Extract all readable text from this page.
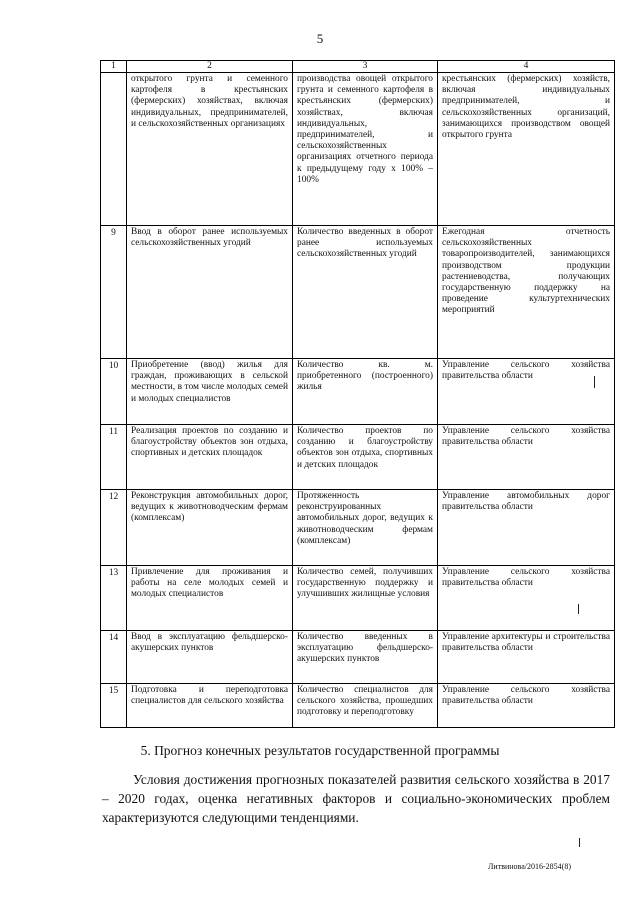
5
1	2	3	4
	открытого грунта и семенного картофеля в крестьянских (фермерских) хозяйствах, включая индивидуальных, предпринимателей, и сельскохозяйственных организациях	производства овощей открытого грунта и семенного картофеля в крестьянских (фермерских) хозяйствах, включая индивидуальных, предпринимателей, и сельскохозяйственных организациях отчетного периода к предыдущему году х 100% – 100%	крестьянских (фермерских) хозяйств, включая индивидуальных предпринимателей, и сельскохозяйственных организаций, занимающихся производством овощей открытого грунта
9	Ввод в оборот ранее используемых сельскохозяйственных угодий	Количество введенных в оборот ранее используемых сельскохозяйственных угодий	Ежегодная отчетность сельскохозяйственных товаропроизводителей, занимающихся производством продукции растениеводства, получающих государственную поддержку на проведение культуртехнических мероприятий
10	Приобретение (ввод) жилья для граждан, проживающих в сельской местности, в том числе молодых семей и молодых специалистов	Количество кв. м. приобретенного (построенного) жилья	Управление сельского хозяйства правительства области
11	Реализация проектов по созданию и благоустройству объектов зон отдыха, спортивных и детских площадок	Количество проектов по созданию и благоустройству объектов зон отдыха, спортивных и детских площадок	Управление сельского хозяйства правительства области
12	Реконструкция автомобильных дорог, ведущих к животноводческим фермам (комплексам)	Протяженность реконструированных автомобильных дорог, ведущих к животноводческим фермам (комплексам)	Управление автомобильных дорог правительства области
13	Привлечение для проживания и работы на селе молодых семей и молодых специалистов	Количество семей, получивших государственную поддержку и улучшивших жилищные условия	Управление сельского хозяйства правительства области
14	Ввод в эксплуатацию фельдшерско-акушерских пунктов	Количество введенных в эксплуатацию фельдшерско-акушерских пунктов	Управление архитектуры и строительства правительства области
15	Подготовка и переподготовка специалистов для сельского хозяйства	Количество специалистов для сельского хозяйства, прошедших подготовку и переподготовку	Управление сельского хозяйства правительства области
5. Прогноз конечных результатов государственной программы
Условия достижения прогнозных показателей развития сельского хозяйства в 2017 – 2020 годах, оценка негативных факторов и социально-экономических проблем характеризуются следующими тенденциями.
Литвинова/2016-2854(8)
